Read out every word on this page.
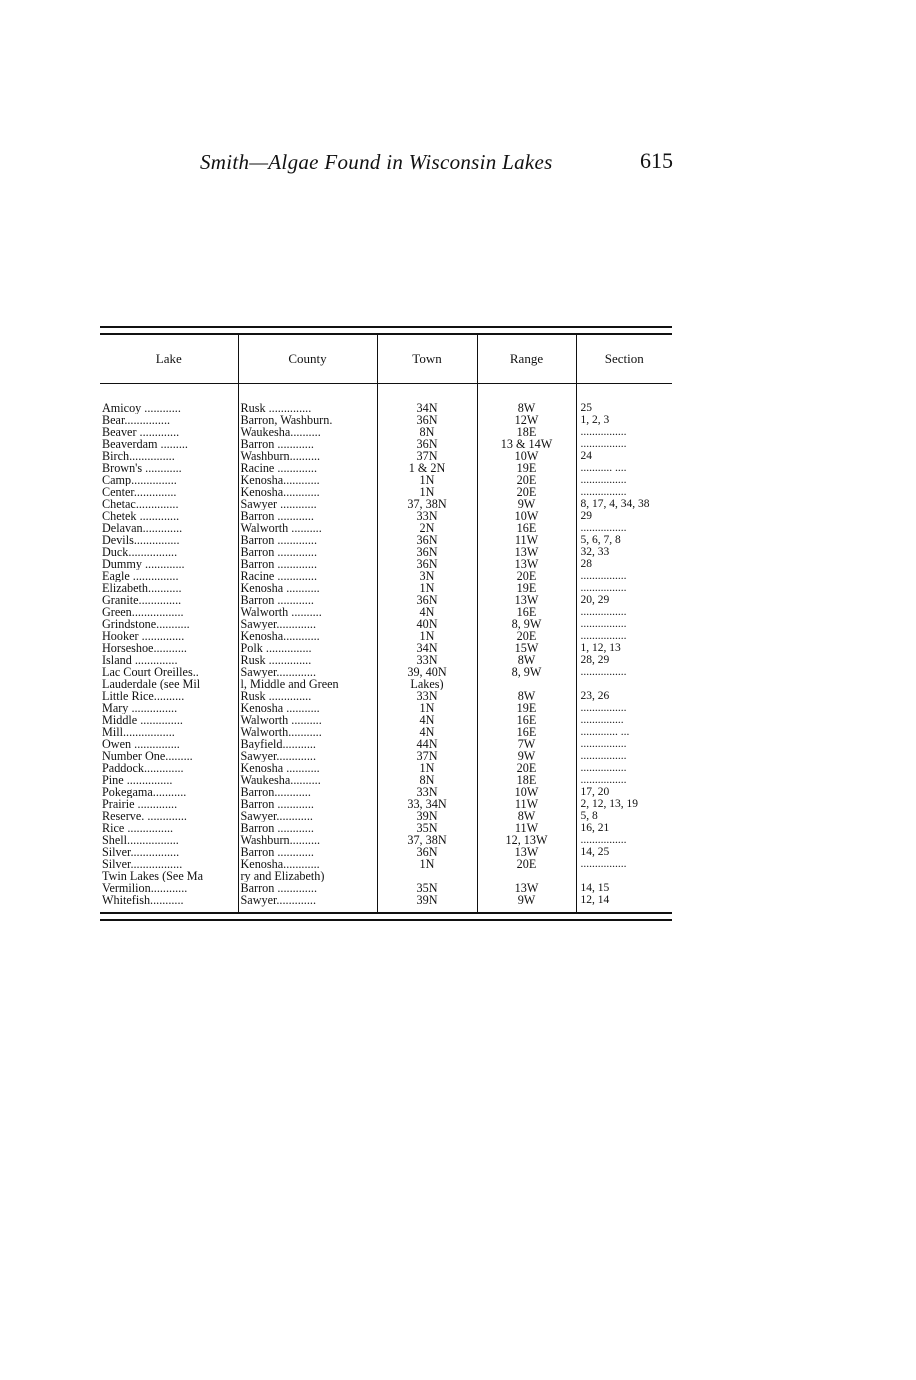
Smith—Algae Found in Wisconsin Lakes	615
Lake	County	Town	Range	Section

Amicoy ............	Rusk ..............	34N	8W	25
Bear...............	Barron, Washburn.	36N	12W	1, 2, 3
Beaver .............	Waukesha..........	8N	18E	................
Beaverdam .........	Barron ............	36N	13 & 14W	................
Birch...............	Washburn..........	37N	10W	24
Brown's ............	Racine .............	1 & 2N	19E	........... ....
Camp...............	Kenosha............	1N	20E	................
Center..............	Kenosha............	1N	20E	................
Chetac..............	Sawyer ............	37, 38N	9W	8, 17, 4, 34, 38
Chetek .............	Barron ............	33N	10W	29
Delavan.............	Walworth ..........	2N	16E	................
Devils...............	Barron .............	36N	11W	5, 6, 7, 8
Duck................	Barron .............	36N	13W	32, 33
Dummy .............	Barron .............	36N	13W	28
Eagle ...............	Racine .............	3N	20E	................
Elizabeth...........	Kenosha ...........	1N	19E	................
Granite..............	Barron ............	36N	13W	20, 29
Green.................	Walworth ..........	4N	16E	................
Grindstone...........	Sawyer.............	40N	8, 9W	................
Hooker ..............	Kenosha............	1N	20E	................
Horseshoe...........	Polk ...............	34N	15W	1, 12, 13
Island ..............	Rusk ..............	33N	8W	28, 29
Lac Court Oreilles..	Sawyer.............	39, 40N	8, 9W	................
Lauderdale (see Mil	l, Middle and Green	Lakes)		
Little Rice..........	Rusk ..............	33N	8W	23, 26
Mary ...............	Kenosha ...........	1N	19E	................
Middle ..............	Walworth ..........	4N	16E	...............
Mill.................	Walworth...........	4N	16E	............. ...
Owen ...............	Bayfield...........	44N	7W	................
Number One.........	Sawyer.............	37N	9W	................
Paddock.............	Kenosha ...........	1N	20E	................
Pine ...............	Waukesha..........	8N	18E	................
Pokegama...........	Barron............	33N	10W	17, 20
Prairie .............	Barron ............	33, 34N	11W	2, 12, 13, 19
Reserve. .............	Sawyer............	39N	8W	5, 8
Rice ...............	Barron ............	35N	11W	16, 21
Shell.................	Washburn..........	37, 38N	12, 13W	................
Silver................	Barron ............	36N	13W	14, 25
Silver.................	Kenosha............	1N	20E	................
Twin Lakes (See Ma	ry and Elizabeth)			
Vermilion............	Barron .............	35N	13W	14, 15
Whitefish...........	Sawyer.............	39N	9W	12, 14
